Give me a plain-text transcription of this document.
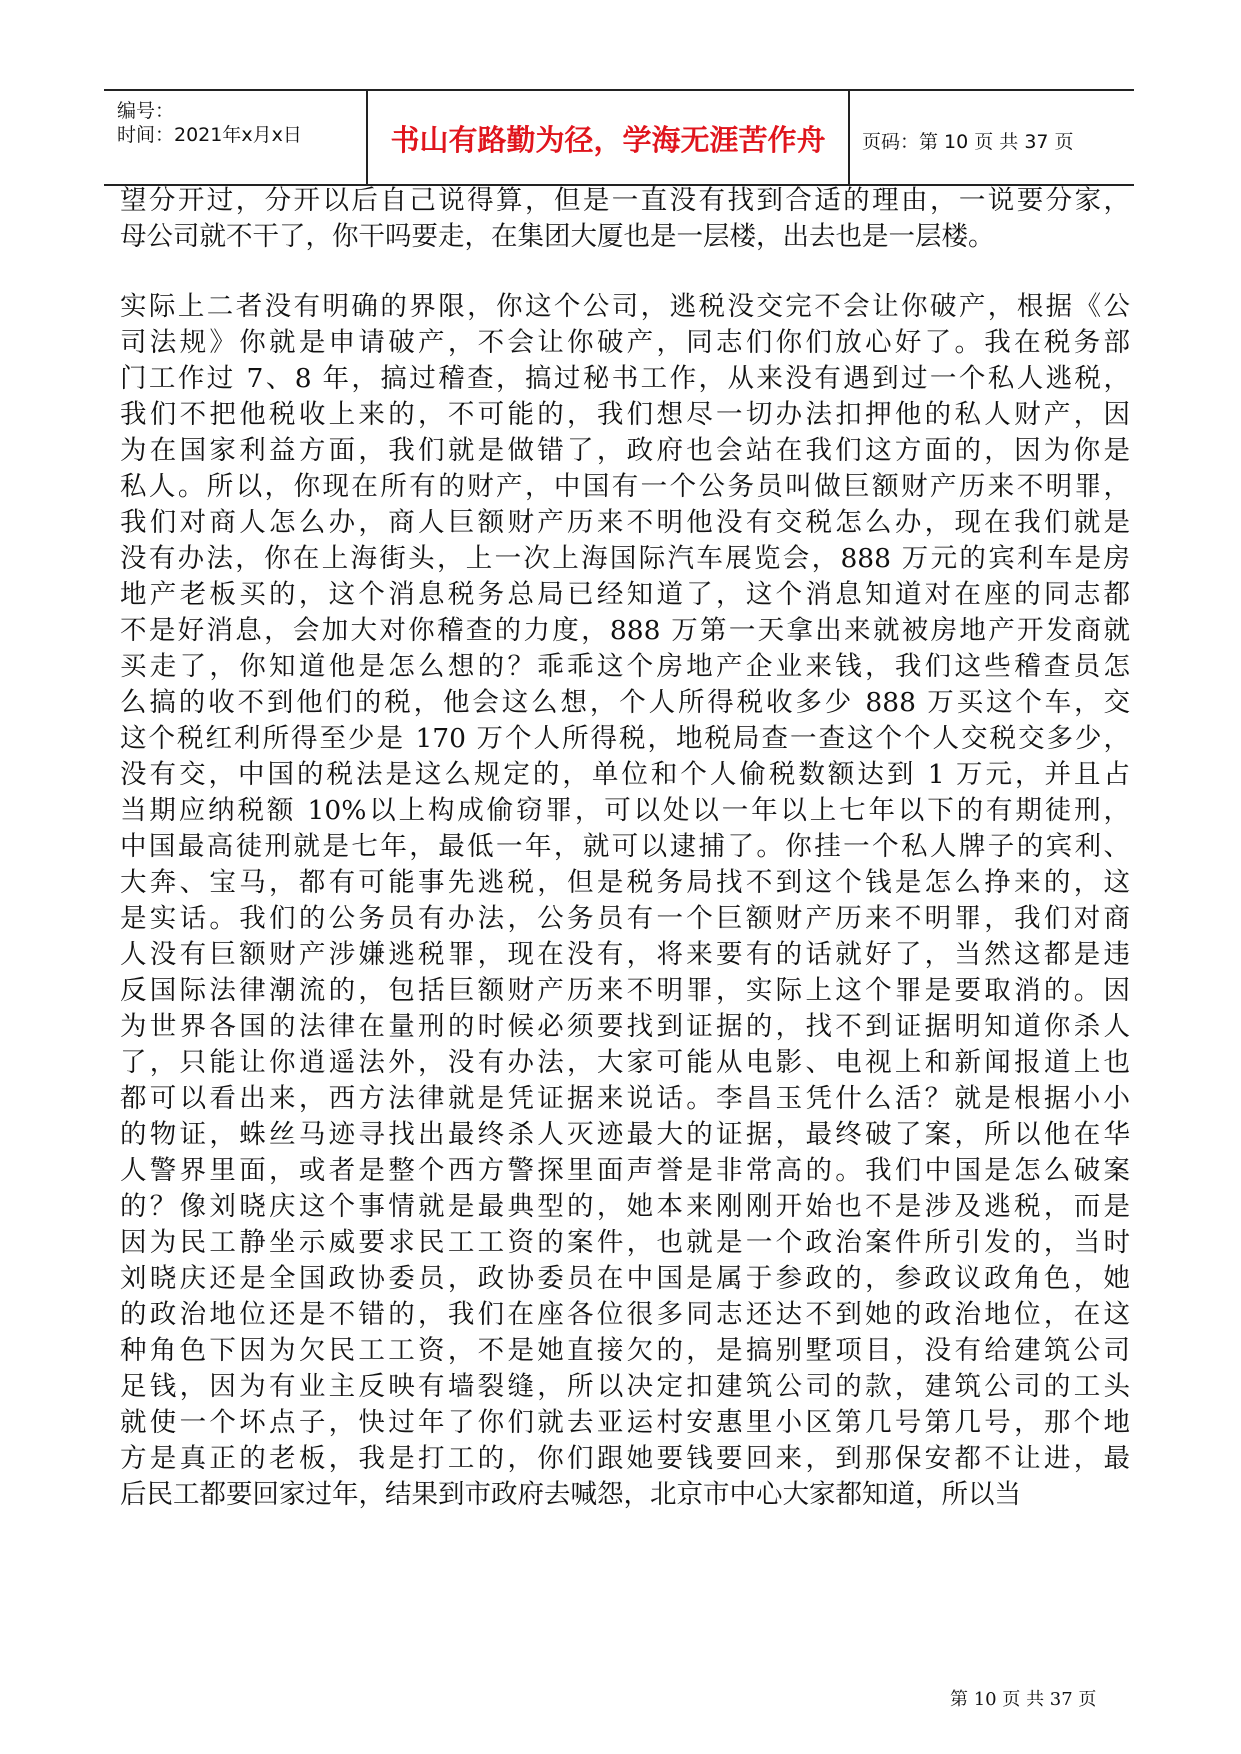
编号：
时间：2021年x月x日	书山有路勤为径，学海无涯苦作舟	页码：第 10 页 共 37 页
望分开过，分开以后自己说得算，但是一直没有找到合适的理由，一说要分家，
母公司就不干了，你干吗要走，在集团大厦也是一层楼，出去也是一层楼。
实际上二者没有明确的界限，你这个公司，逃税没交完不会让你破产，根据《公
司法规》你就是申请破产，不会让你破产，同志们你们放心好了。我在税务部
门工作过 7、8 年，搞过稽查，搞过秘书工作，从来没有遇到过一个私人逃税，
我们不把他税收上来的，不可能的，我们想尽一切办法扣押他的私人财产，因
为在国家利益方面，我们就是做错了，政府也会站在我们这方面的，因为你是
私人。所以，你现在所有的财产，中国有一个公务员叫做巨额财产历来不明罪，
我们对商人怎么办，商人巨额财产历来不明他没有交税怎么办，现在我们就是
没有办法，你在上海街头，上一次上海国际汽车展览会，888 万元的宾利车是房
地产老板买的，这个消息税务总局已经知道了，这个消息知道对在座的同志都
不是好消息，会加大对你稽查的力度，888 万第一天拿出来就被房地产开发商就
买走了，你知道他是怎么想的？乖乖这个房地产企业来钱，我们这些稽查员怎
么搞的收不到他们的税，他会这么想，个人所得税收多少 888 万买这个车，交
这个税红利所得至少是 170 万个人所得税，地税局查一查这个个人交税交多少，
没有交，中国的税法是这么规定的，单位和个人偷税数额达到 1 万元，并且占
当期应纳税额 10%以上构成偷窃罪，可以处以一年以上七年以下的有期徒刑，
中国最高徒刑就是七年，最低一年，就可以逮捕了。你挂一个私人牌子的宾利、
大奔、宝马，都有可能事先逃税，但是税务局找不到这个钱是怎么挣来的，这
是实话。我们的公务员有办法，公务员有一个巨额财产历来不明罪，我们对商
人没有巨额财产涉嫌逃税罪，现在没有，将来要有的话就好了，当然这都是违
反国际法律潮流的，包括巨额财产历来不明罪，实际上这个罪是要取消的。因
为世界各国的法律在量刑的时候必须要找到证据的，找不到证据明知道你杀人
了，只能让你逍遥法外，没有办法，大家可能从电影、电视上和新闻报道上也
都可以看出来，西方法律就是凭证据来说话。李昌玉凭什么活？就是根据小小
的物证，蛛丝马迹寻找出最终杀人灭迹最大的证据，最终破了案，所以他在华
人警界里面，或者是整个西方警探里面声誉是非常高的。我们中国是怎么破案
的？像刘晓庆这个事情就是最典型的，她本来刚刚开始也不是涉及逃税，而是
因为民工静坐示威要求民工工资的案件，也就是一个政治案件所引发的，当时
刘晓庆还是全国政协委员，政协委员在中国是属于参政的，参政议政角色，她
的政治地位还是不错的，我们在座各位很多同志还达不到她的政治地位，在这
种角色下因为欠民工工资，不是她直接欠的，是搞别墅项目，没有给建筑公司
足钱，因为有业主反映有墙裂缝，所以决定扣建筑公司的款，建筑公司的工头
就使一个坏点子，快过年了你们就去亚运村安惠里小区第几号第几号，那个地
方是真正的老板，我是打工的，你们跟她要钱要回来，到那保安都不让进，最
后民工都要回家过年，结果到市政府去喊怨，北京市中心大家都知道，所以当
第 10 页 共 37 页
